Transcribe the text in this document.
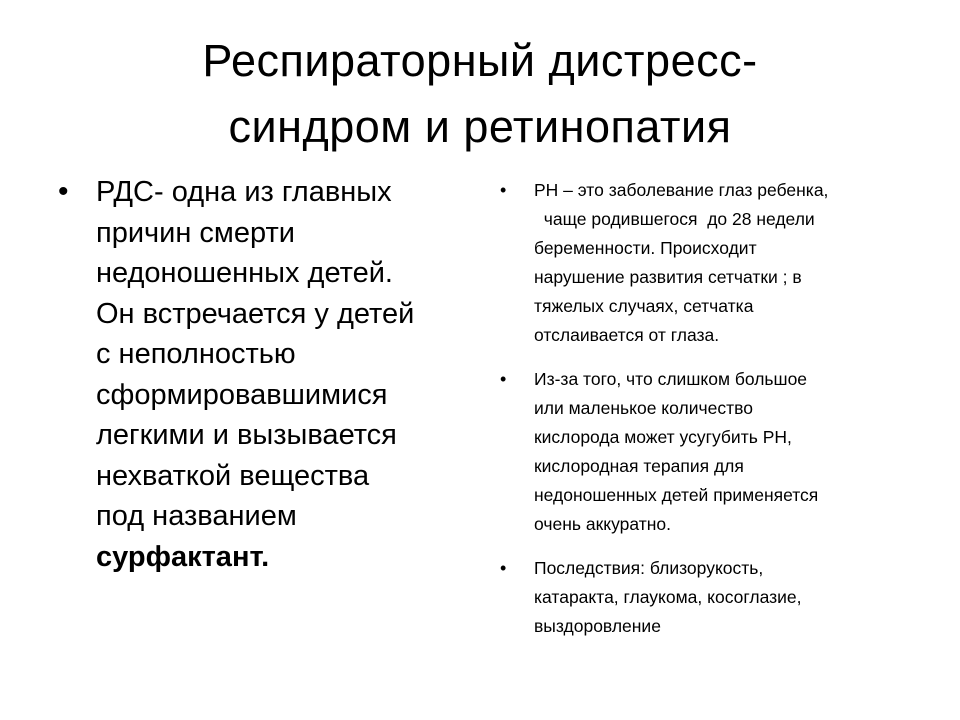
Респираторный дистресс-
синдром и ретинопатия
• РДС- одна из главных
причин смерти
недоношенных детей.
Он встречается у детей
с неполностью
сформировавшимися
легкими и вызывается
нехваткой вещества
под названием
сурфактант.
• РН – это заболевание глаз ребенка,
чаще родившегося  до 28 недели
беременности. Происходит
нарушение развития сетчатки ; в
тяжелых случаях, сетчатка
отслаивается от глаза.
• Из-за того, что слишком большое
или маленькое количество
кислорода может усугубить РН,
кислородная терапия для
недоношенных детей применяется
очень аккуратно.
• Последствия: близорукость,
катаракта, глаукома, косоглазие,
выздоровление
